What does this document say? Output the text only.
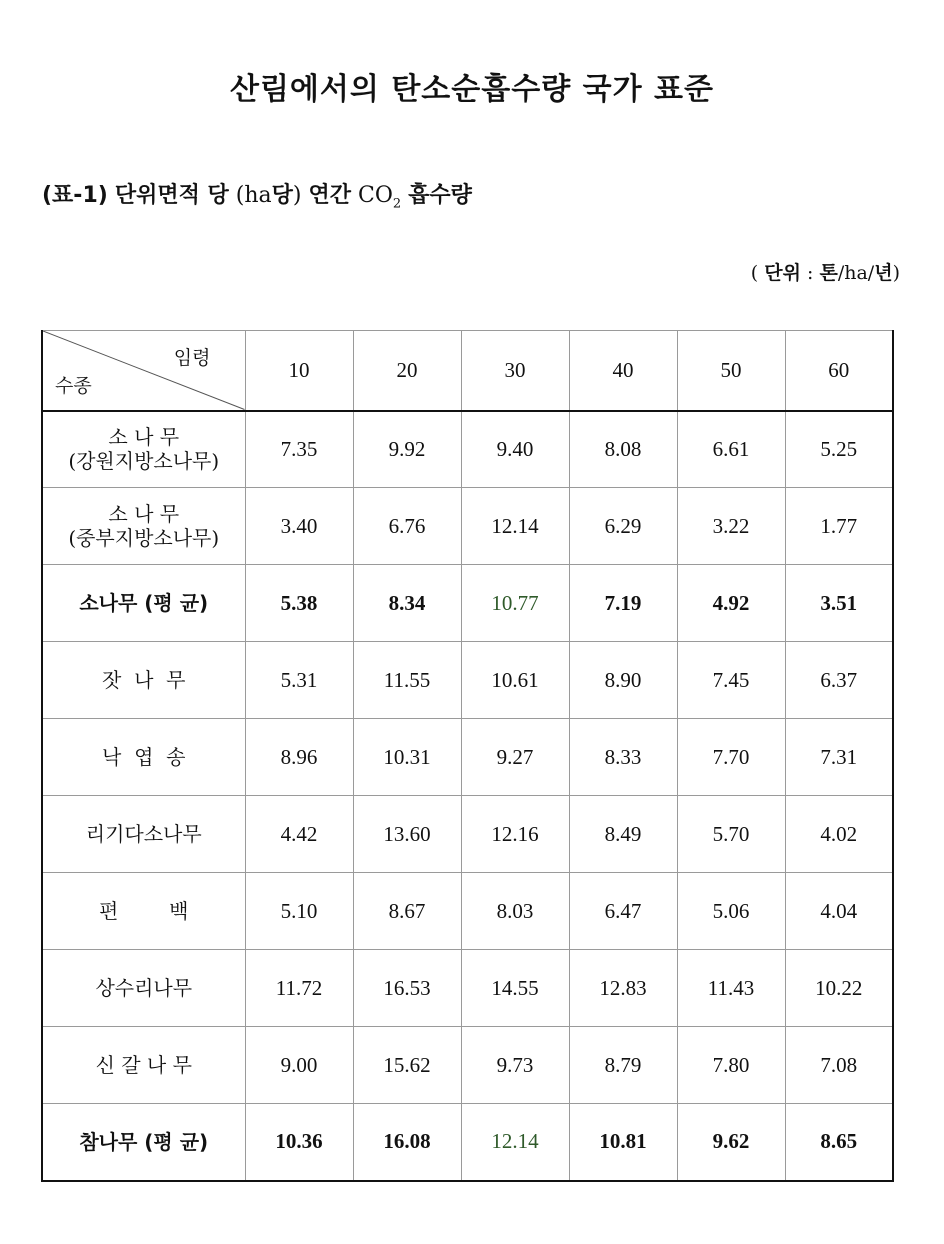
산림에서의 탄소순흡수량 국가 표준
(표-1) 단위면적 당 (ha당) 연간 $CO_2$ 흡수량
( 단위 : 톤/ha/년)
임령
수종	10	20	30	40	50	60

소 나 무
(강원지방소나무)	7.35	9.92	9.40	8.08	6.61	5.25

소 나 무
(중부지방소나무)	3.40	6.76	12.14	6.29	3.22	1.77
소나무 (평 균)	5.38	8.34	10.77	7.19	4.92	3.51
잣  나  무	5.31	11.55	10.61	8.90	7.45	6.37
낙  엽  송	8.96	10.31	9.27	8.33	7.70	7.31
리기다소나무	4.42	13.60	12.16	8.49	5.70	4.02
편        백	5.10	8.67	8.03	6.47	5.06	4.04
상수리나무	11.72	16.53	14.55	12.83	11.43	10.22
신 갈 나 무	9.00	15.62	9.73	8.79	7.80	7.08
참나무 (평 균)	10.36	16.08	12.14	10.81	9.62	8.65
